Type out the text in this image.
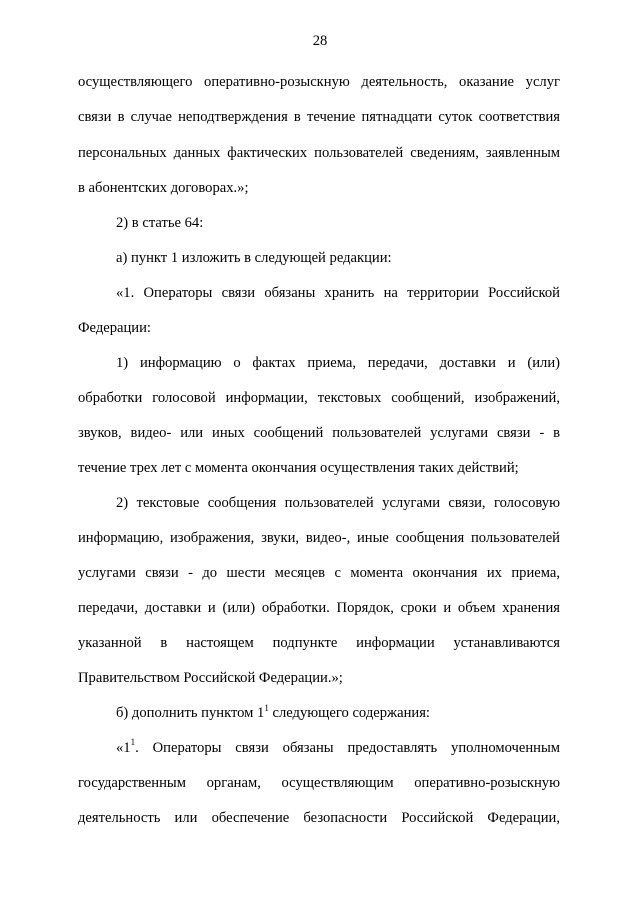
28
осуществляющего оперативно-розыскную деятельность, оказание услуг
связи в случае неподтверждения в течение пятнадцати суток соответствия
персональных данных фактических пользователей сведениям, заявленным
в абонентских договорах.»;
2) в статье 64:
а) пункт 1 изложить в следующей редакции:
«1. Операторы связи обязаны хранить на территории Российской
Федерации:
1) информацию о фактах приема, передачи, доставки и (или)
обработки голосовой информации, текстовых сообщений, изображений,
звуков, видео- или иных сообщений пользователей услугами связи - в
течение трех лет с момента окончания осуществления таких действий;
2) текстовые сообщения пользователей услугами связи, голосовую
информацию, изображения, звуки, видео-, иные сообщения пользователей
услугами связи - до шести месяцев с момента окончания их приема,
передачи, доставки и (или) обработки. Порядок, сроки и объем хранения
указанной в настоящем подпункте информации устанавливаются
Правительством Российской Федерации.»;
б) дополнить пунктом $1^1$ следующего содержания:
«$1^1$ . Операторы связи обязаны предоставлять уполномоченным
государственным органам, осуществляющим оперативно-розыскную
деятельность или обеспечение безопасности Российской Федерации,
